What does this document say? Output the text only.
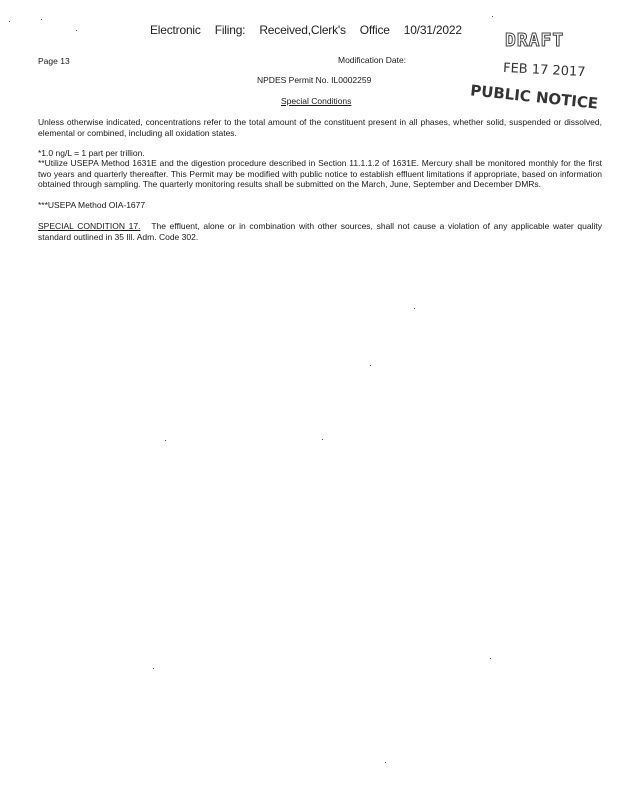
Electronic Filing: Received,Clerk's Office 10/31/2022	DRAFT
FEB 17 2017
PUBLIC NOTICE
Page 13	Modification Date:
NPDES Permit No. IL0002259
Special Conditions

Unless otherwise indicated, concentrations refer to the total amount of the constituent present in all phases, whether solid, suspended or dissolved, elemental or combined, including all oxidation states.

*1.0 ng/L = 1 part per trillion.

**Utilize USEPA Method 1631E and the digestion procedure described in Section 11.1.1.2 of 1631E. Mercury shall be monitored monthly for the first two years and quarterly thereafter. This Permit may be modified with public notice to establish effluent limitations if appropriate, based on information obtained through sampling. The quarterly monitoring results shall be submitted on the March, June, September and December DMRs.

***USEPA Method OIA-1677

SPECIAL CONDITION 17. The effluent, alone or in combination with other sources, shall not cause a violation of any applicable water quality standard outlined in 35 Ill. Adm. Code 302.
